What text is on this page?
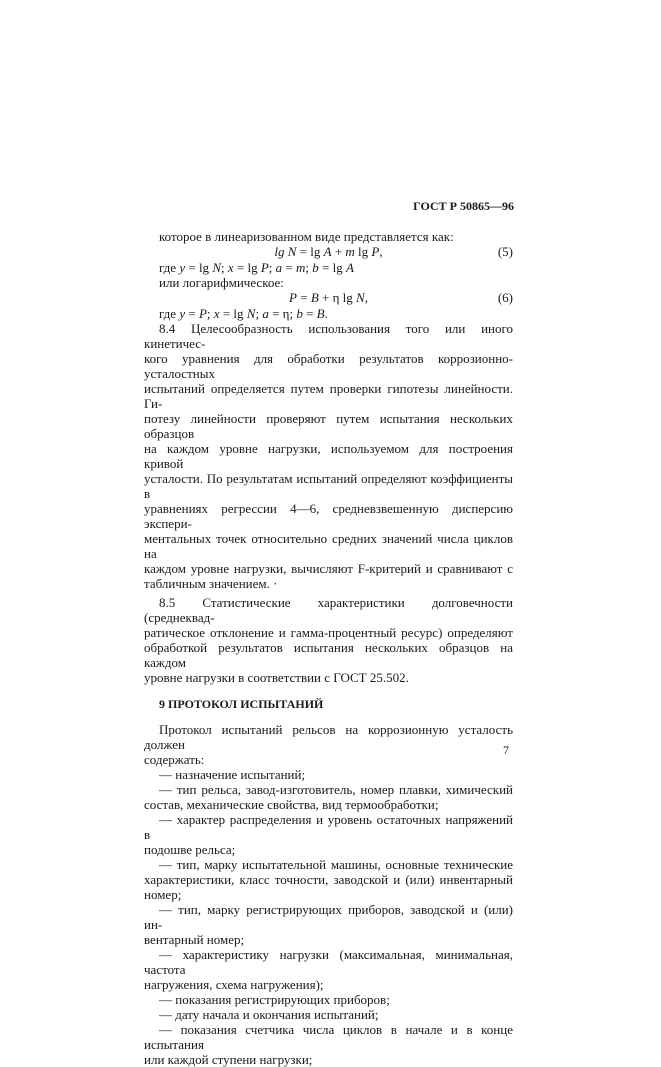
ГОСТ Р 50865—96
которое в линеаризованном виде представляется как:
lg N = lg A + m lg P,	(5)
где y = lg N; x = lg P; a = m; b = lg A
или логарифмическое:
P = B + η lg N,	(6)
где y = P; x = lg N; a = η; b = B.
8.4 Целесообразность использования того или иного кинетичес-
кого уравнения для обработки результатов коррозионно-усталостных
испытаний определяется путем проверки гипотезы линейности. Ги-
потезу линейности проверяют путем испытания нескольких образцов
на каждом уровне нагрузки, используемом для построения кривой
усталости. По результатам испытаний определяют коэффициенты в
уравнениях регрессии 4—6, средневзвешенную дисперсию экспери-
ментальных точек относительно средних значений числа циклов на
каждом уровне нагрузки, вычисляют F-критерий и сравнивают с
табличным значением. ·
8.5 Статистические характеристики долговечности (среднеквад-
ратическое отклонение и гамма-процентный ресурс) определяют
обработкой результатов испытания нескольких образцов на каждом
уровне нагрузки в соответствии с ГОСТ 25.502.
9 ПРОТОКОЛ ИСПЫТАНИЙ
Протокол испытаний рельсов на коррозионную усталость должен
содержать:
— назначение испытаний;
— тип рельса, завод-изготовитель, номер плавки, химический
состав, механические свойства, вид термообработки;
— характер распределения и уровень остаточных напряжений в
подошве рельса;
— тип, марку испытательной машины, основные технические
характеристики, класс точности, заводской и (или) инвентарный
номер;
— тип, марку регистрирующих приборов, заводской и (или) ин-
вентарный номер;
— характеристику нагрузки (максимальная, минимальная, частота
нагружения, схема нагружения);
— показания регистрирующих приборов;
— дату начала и окончания испытаний;
— показания счетчика числа циклов в начале и в конце испытания
или каждой ступени нагрузки;
7
